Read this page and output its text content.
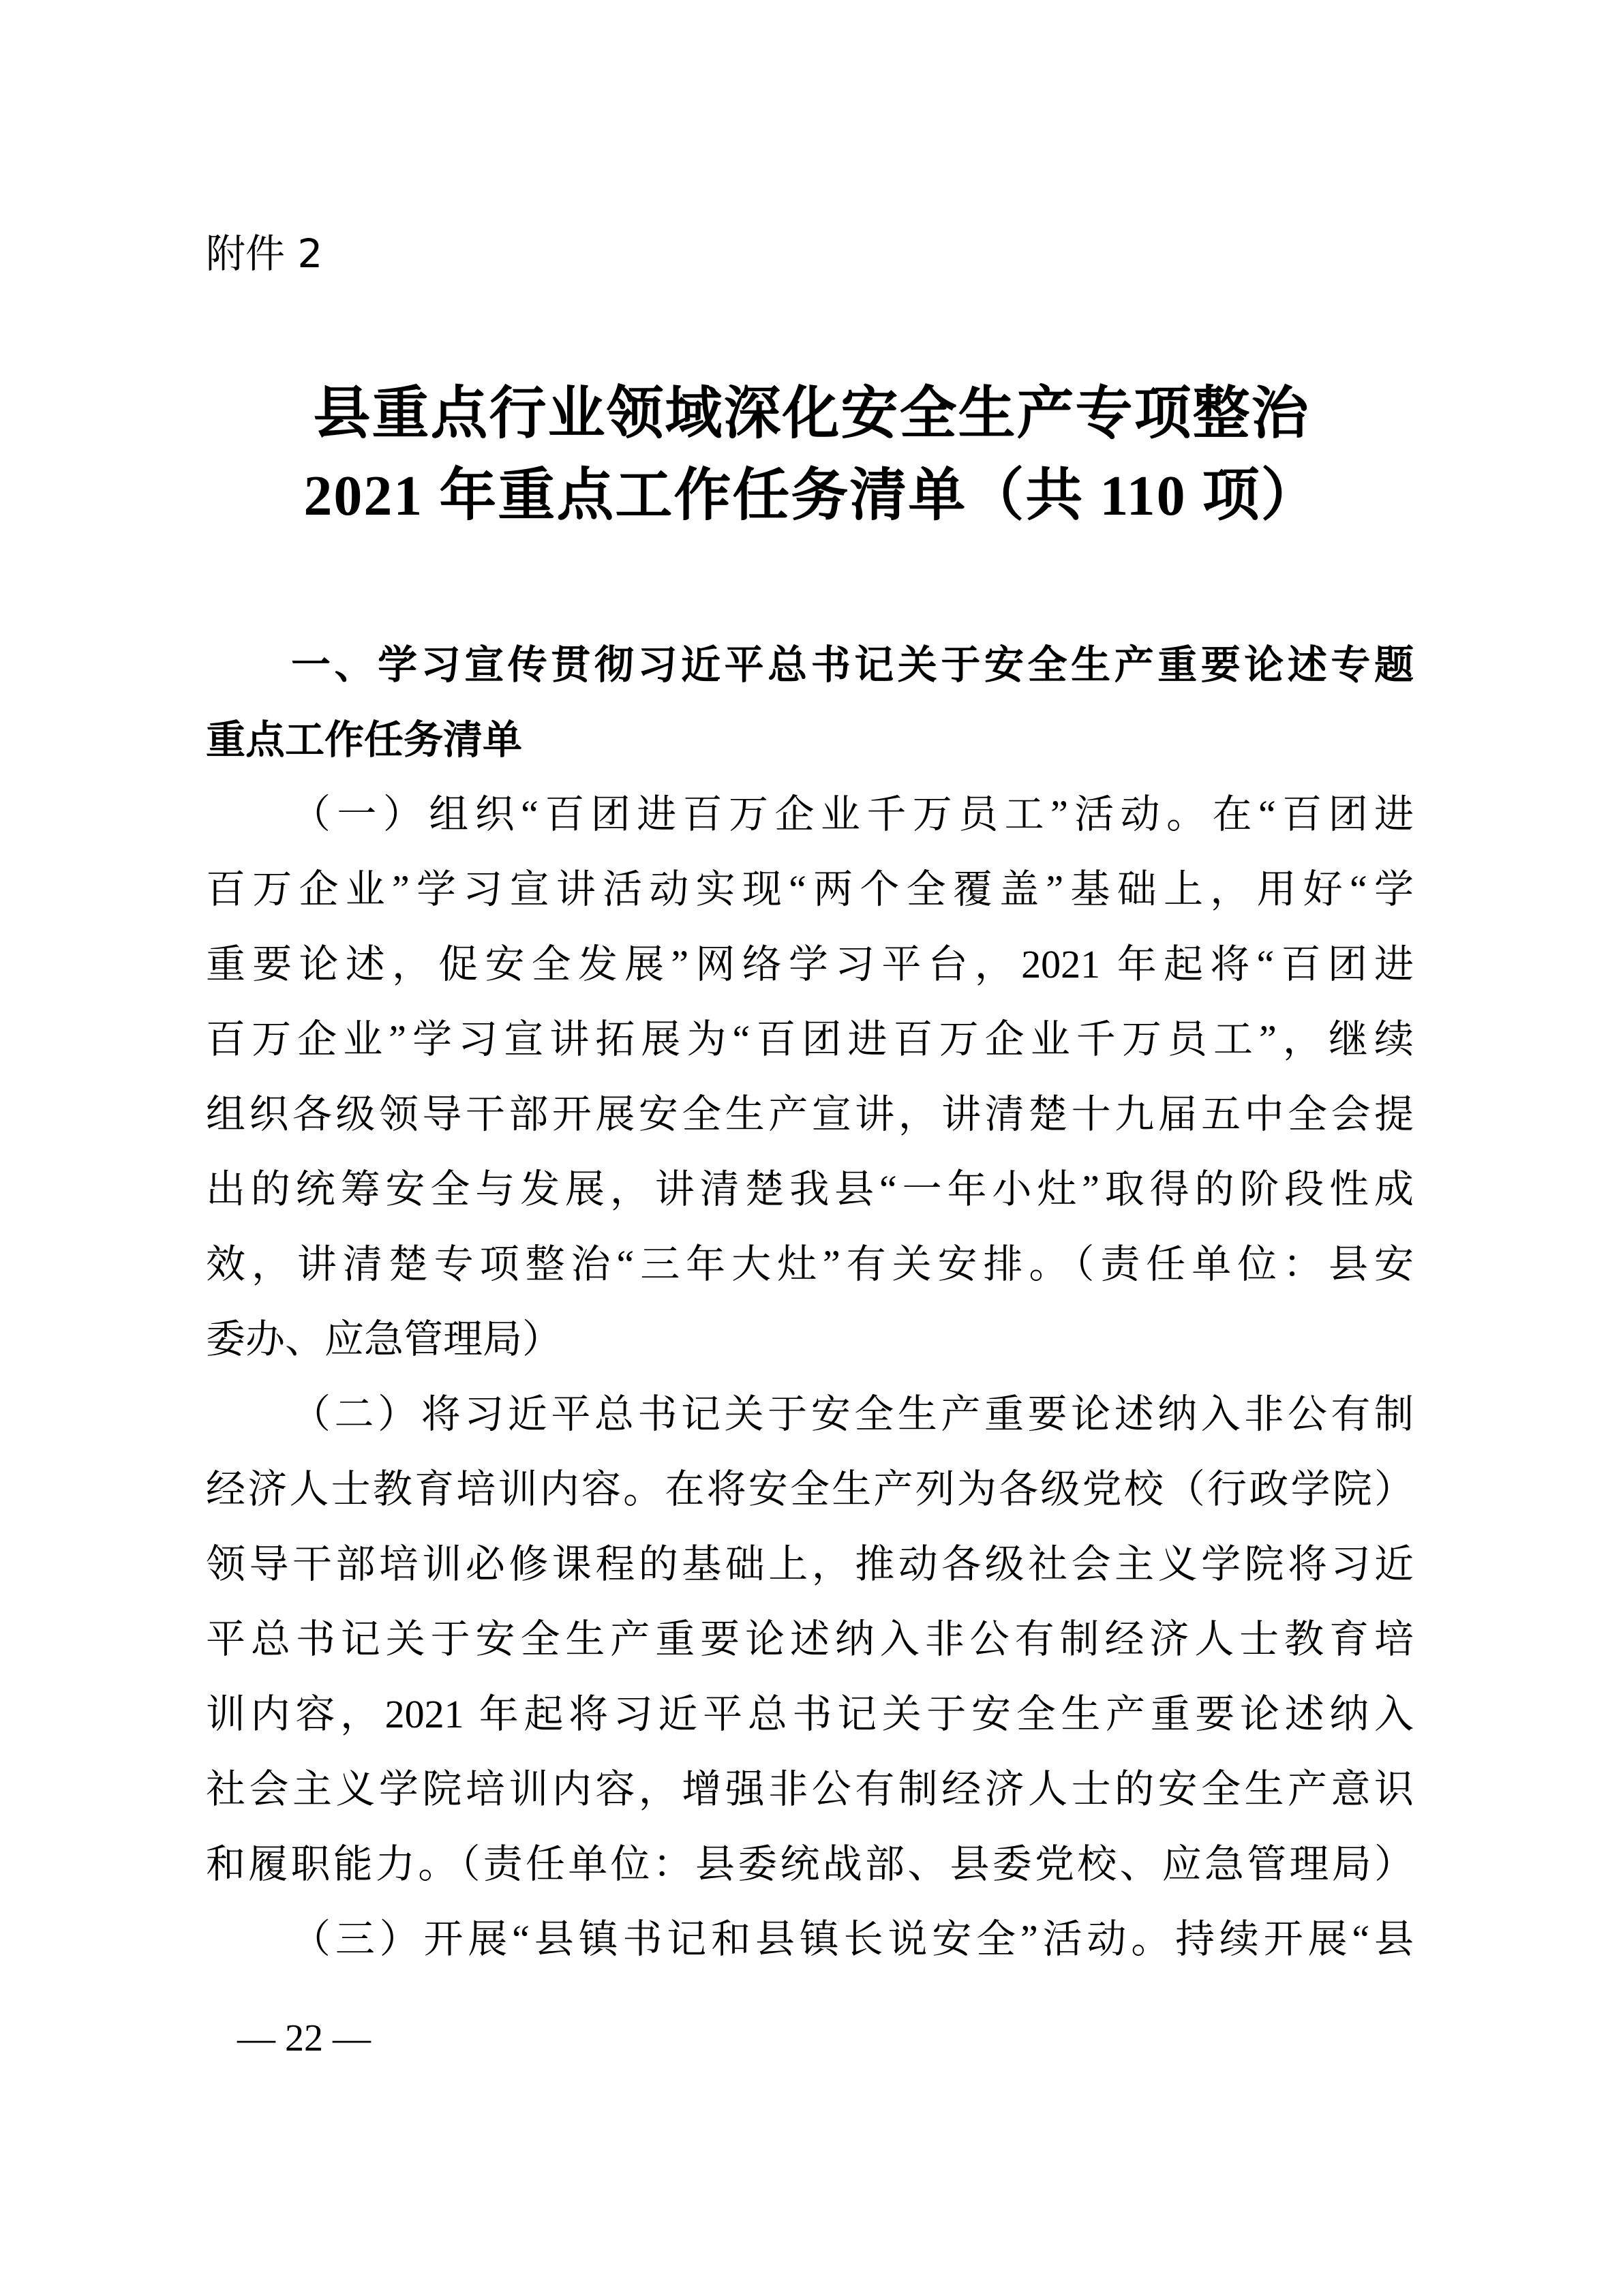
附件 2
县重点行业领域深化安全生产专项整治
2021 年重点工作任务清单（共 110 项）
一、学习宣传贯彻习近平总书记关于安全生产重要论述专题
重点工作任务清单
（一）组织“百团进百万企业千万员工”活动。在“百团进
百万企业”学习宣讲活动实现“两个全覆盖”基础上，用好“学
重要论述，促安全发展”网络学习平台，2021 年起将“百团进
百万企业”学习宣讲拓展为“百团进百万企业千万员工”，继续
组织各级领导干部开展安全生产宣讲，讲清楚十九届五中全会提
出的统筹安全与发展，讲清楚我县“一年小灶”取得的阶段性成
效，讲清楚专项整治“三年大灶”有关安排。（责任单位：县安
委办、应急管理局）
（二）将习近平总书记关于安全生产重要论述纳入非公有制
经济人士教育培训内容。在将安全生产列为各级党校（行政学院）
领导干部培训必修课程的基础上，推动各级社会主义学院将习近
平总书记关于安全生产重要论述纳入非公有制经济人士教育培
训内容，2021 年起将习近平总书记关于安全生产重要论述纳入
社会主义学院培训内容，增强非公有制经济人士的安全生产意识
和履职能力。（责任单位：县委统战部、县委党校、应急管理局）
（三）开展“县镇书记和县镇长说安全”活动。持续开展“县
— 22 —
